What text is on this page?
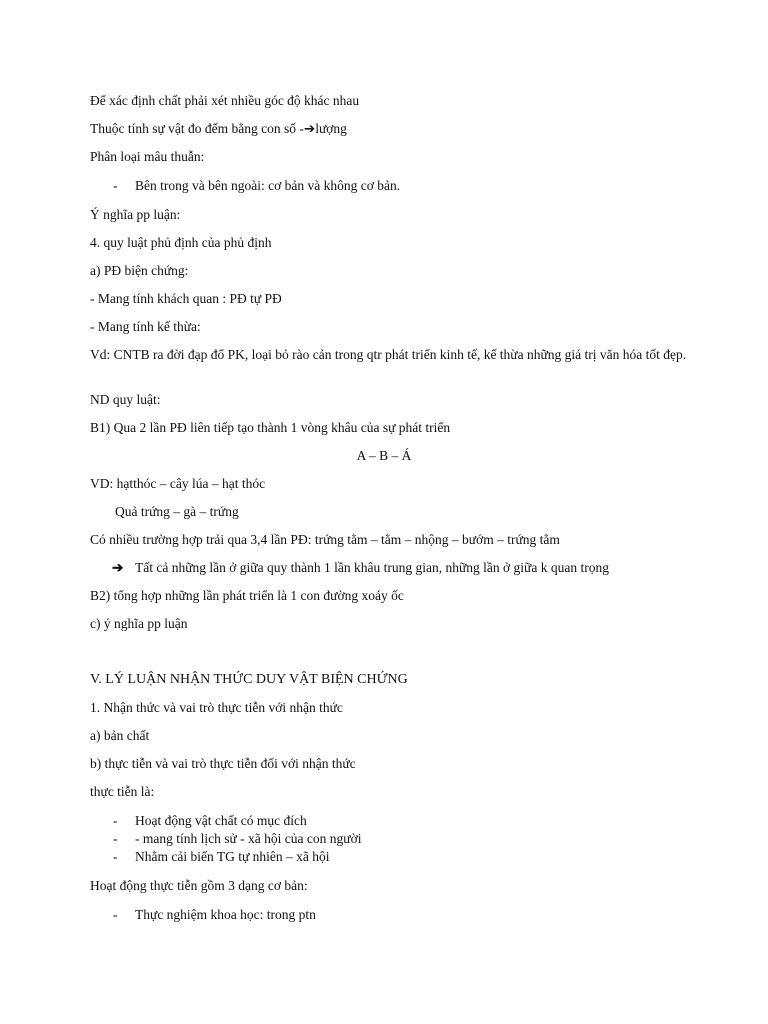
Để xác định chất phải xét nhiều góc độ khác nhau
Thuộc tính sự vật đo đếm bằng con số -➔lượng
Phân loại mâu thuẫn:
- Bên trong và bên ngoài: cơ bản và không cơ bản.
Ý nghĩa pp luận:
4. quy luật phủ định của phủ định
a) PĐ biện chứng:
- Mang tính khách quan : PĐ tự PĐ
- Mang tính kế thừa:
Vd: CNTB ra đời đạp đổ PK, loại bỏ rào cản trong qtr phát triển kinh tế, kế thừa những giá trị văn hóa tốt đẹp.
ND quy luật:
B1) Qua 2 lần PĐ liên tiếp tạo thành 1 vòng khâu của sự phát triển
A – B – Á
VD: hạtthóc – cây lúa – hạt thóc
Quả trứng – gà – trứng
Có nhiều trường hợp trải qua 3,4 lần PĐ: trứng tằm – tằm – nhộng – bướm – trứng tằm
➔ Tất cả những lần ở giữa quy thành 1 lần khâu trung gian, những lần ở giữa k quan trọng
B2) tổng hợp những lần phát triển là 1 con đường xoáy ốc
c) ý nghĩa pp luận
V. LÝ LUẬN NHẬN THỨC DUY VẬT BIỆN CHỨNG
1. Nhận thức và vai trò thực tiễn với nhận thức
a) bản chất
b) thực tiễn và vai trò thực tiễn đối với nhận thức
thực tiễn là:
- Hoạt động vật chất có mục đích
- - mang tính lịch sử - xã hội của con người
- Nhằm cải biến TG tự nhiên – xã hội
Hoạt động thực tiễn gồm 3 dạng cơ bản:
- Thực nghiệm khoa học: trong ptn
